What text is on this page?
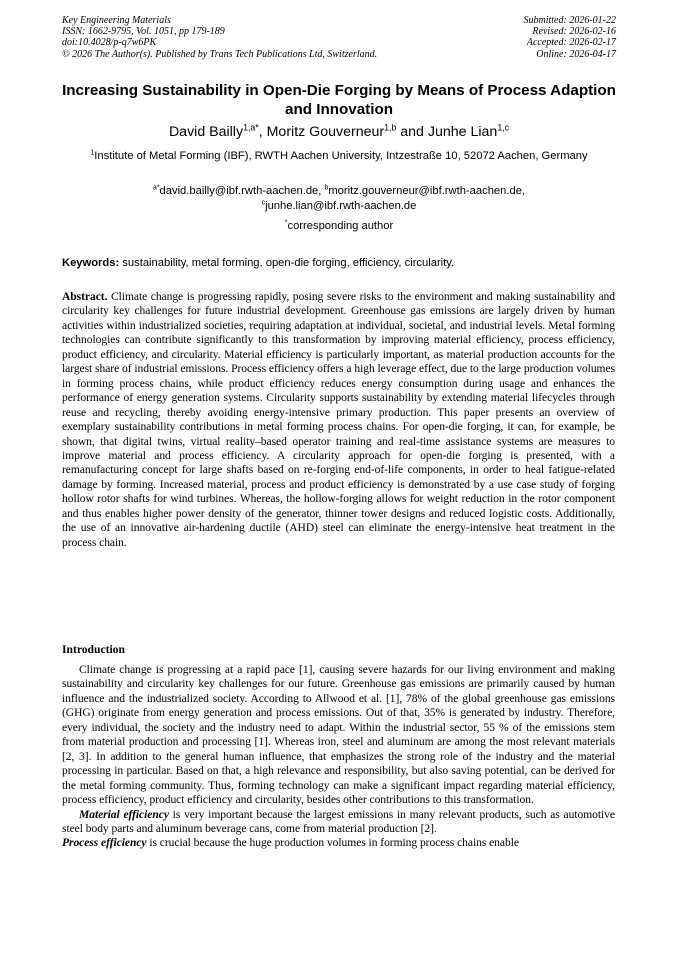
Key Engineering Materials
ISSN: 1662-9795, Vol. 1051, pp 179-189
doi:10.4028/p-q7w6PK
© 2026 The Author(s). Published by Trans Tech Publications Ltd, Switzerland.
Submitted: 2026-01-22
Revised: 2026-02-16
Accepted: 2026-02-17
Online: 2026-04-17
Increasing Sustainability in Open-Die Forging by Means of Process Adaption and Innovation
David Bailly$^{1,a*}$, Moritz Gouverneur$^{1,b}$ and Junhe Lian$^{1,c}$
$^1$Institute of Metal Forming (IBF), RWTH Aachen University, Intzestraße 10, 52072 Aachen, Germany
$^{a*}$david.bailly@ibf.rwth-aachen.de, $^b$moritz.gouverneur@ibf.rwth-aachen.de,
$^c$junhe.lian@ibf.rwth-aachen.de
*corresponding author
Keywords: sustainability, metal forming, open-die forging, efficiency, circularity.
Abstract. Climate change is progressing rapidly, posing severe risks to the environment and making sustainability and circularity key challenges for future industrial development. Greenhouse gas emissions are largely driven by human activities within industrialized societies, requiring adaptation at individual, societal, and industrial levels. Metal forming technologies can contribute significantly to this transformation by improving material efficiency, process efficiency, product efficiency, and circularity. Material efficiency is particularly important, as material production accounts for the largest share of industrial emissions. Process efficiency offers a high leverage effect, due to the large production volumes in forming process chains, while product efficiency reduces energy consumption during usage and enhances the performance of energy generation systems. Circularity supports sustainability by extending material lifecycles through reuse and recycling, thereby avoiding energy-intensive primary production. This paper presents an overview of exemplary sustainability contributions in metal forming process chains. For open-die forging, it can, for example, be shown, that digital twins, virtual reality–based operator training and real-time assistance systems are measures to improve material and process efficiency. A circularity approach for open-die forging is presented, with a remanufacturing concept for large shafts based on re-forging end-of-life components, in order to heal fatigue-related damage by forming. Increased material, process and product efficiency is demonstrated by a use case study of forging hollow rotor shafts for wind turbines. Whereas, the hollow-forging allows for weight reduction in the rotor component and thus enables higher power density of the generator, thinner tower designs and reduced logistic costs. Additionally, the use of an innovative air-hardening ductile (AHD) steel can eliminate the energy-intensive heat treatment in the process chain.
Introduction

Climate change is progressing at a rapid pace [1], causing severe hazards for our living environment and making sustainability and circularity key challenges for our future. Greenhouse gas emissions are primarily caused by human influence and the industrialized society. According to Allwood et al. [1], 78% of the global greenhouse gas emissions (GHG) originate from energy generation and process emissions. Out of that, 35% is generated by industry. Therefore, every individual, the society and the industry need to adapt. Within the industrial sector, 55 % of the emissions stem from material production and processing [1]. Whereas iron, steel and aluminum are among the most relevant materials [2, 3]. In addition to the general human influence, that emphasizes the strong role of the industry and the material processing in particular. Based on that, a high relevance and responsibility, but also saving potential, can be derived for the metal forming community. Thus, forming technology can make a significant impact regarding material efficiency, process efficiency, product efficiency and circularity, besides other contributions to this transformation.

Material efficiency is very important because the largest emissions in many relevant products, such as automotive steel body parts and aluminum beverage cans, come from material production [2].

Process efficiency is crucial because the huge production volumes in forming process chains enable
